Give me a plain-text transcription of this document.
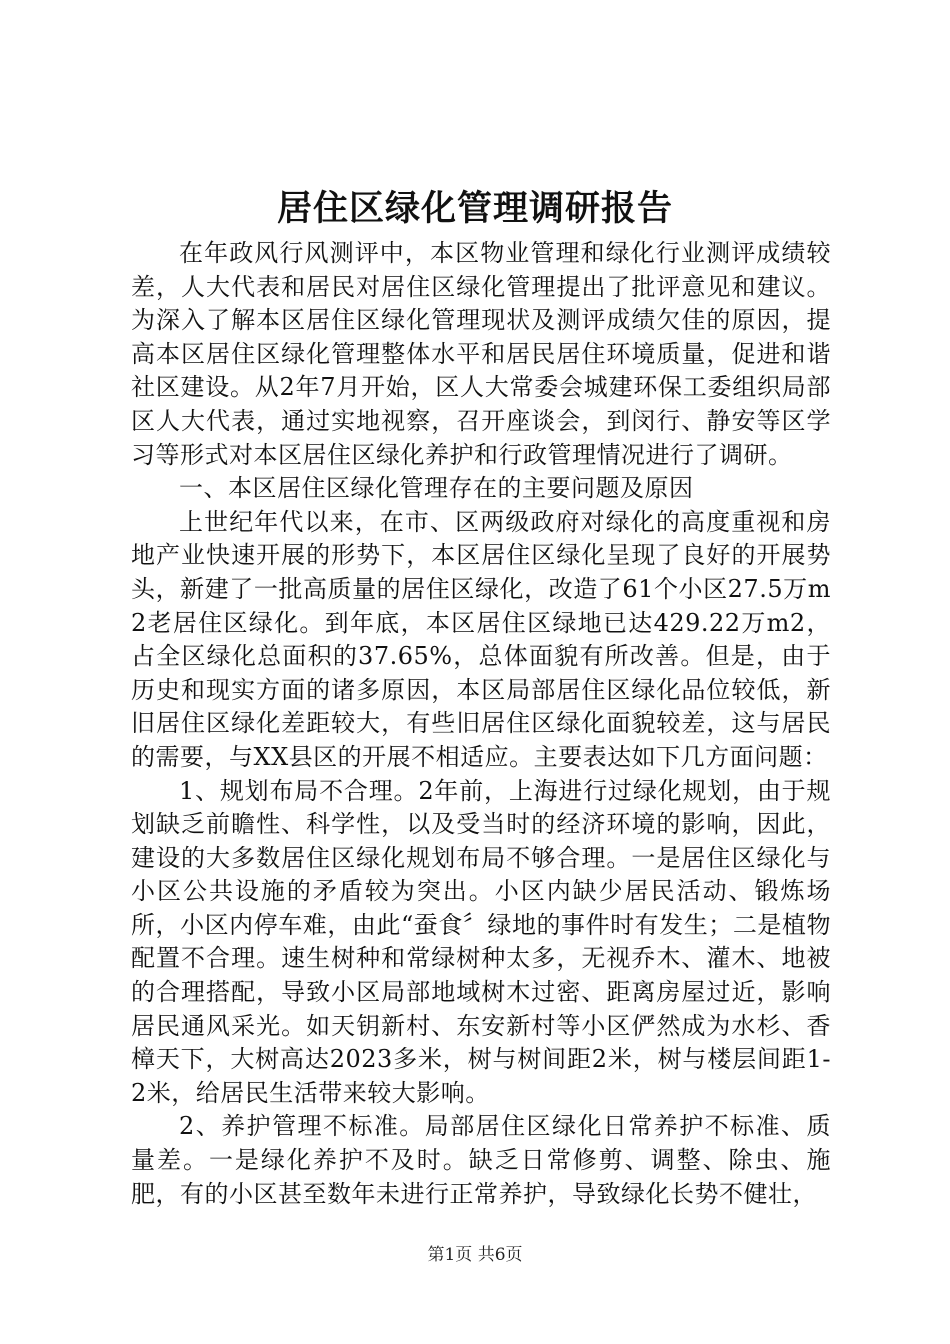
居住区绿化管理调研报告

在年政风行风测评中，本区物业管理和绿化行业测评成绩较差，人大代表和居民对居住区绿化管理提出了批评意见和建议。为深入了解本区居住区绿化管理现状及测评成绩欠佳的原因，提高本区居住区绿化管理整体水平和居民居住环境质量，促进和谐社区建设。从2年7月开始，区人大常委会城建环保工委组织局部区人大代表，通过实地视察，召开座谈会，到闵行、静安等区学习等形式对本区居住区绿化养护和行政管理情况进行了调研。

一、本区居住区绿化管理存在的主要问题及原因

上世纪年代以来，在市、区两级政府对绿化的高度重视和房地产业快速开展的形势下，本区居住区绿化呈现了良好的开展势头，新建了一批高质量的居住区绿化，改造了61个小区27.5万m2老居住区绿化。到年底，本区居住区绿地已达429.22万m2，占全区绿化总面积的37.65%，总体面貌有所改善。但是，由于历史和现实方面的诸多原因，本区局部居住区绿化品位较低，新旧居住区绿化差距较大，有些旧居住区绿化面貌较差，这与居民的需要，与XX县区的开展不相适应。主要表达如下几方面问题：

1、规划布局不合理。2年前，上海进行过绿化规划，由于规划缺乏前瞻性、科学性，以及受当时的经济环境的影响，因此，建设的大多数居住区绿化规划布局不够合理。一是居住区绿化与小区公共设施的矛盾较为突出。小区内缺少居民活动、锻炼场所，小区内停车难，由此“蚕食〞绿地的事件时有发生；二是植物配置不合理。速生树种和常绿树种太多，无视乔木、灌木、地被的合理搭配，导致小区局部地域树木过密、距离房屋过近，影响居民通风采光。如天钥新村、东安新村等小区俨然成为水杉、香樟天下，大树高达2023多米，树与树间距2米，树与楼层间距1-2米，给居民生活带来较大影响。

2、养护管理不标准。局部居住区绿化日常养护不标准、质量差。一是绿化养护不及时。缺乏日常修剪、调整、除虫、施肥，有的小区甚至数年未进行正常养护，导致绿化长势不健壮，

第1页 共6页
